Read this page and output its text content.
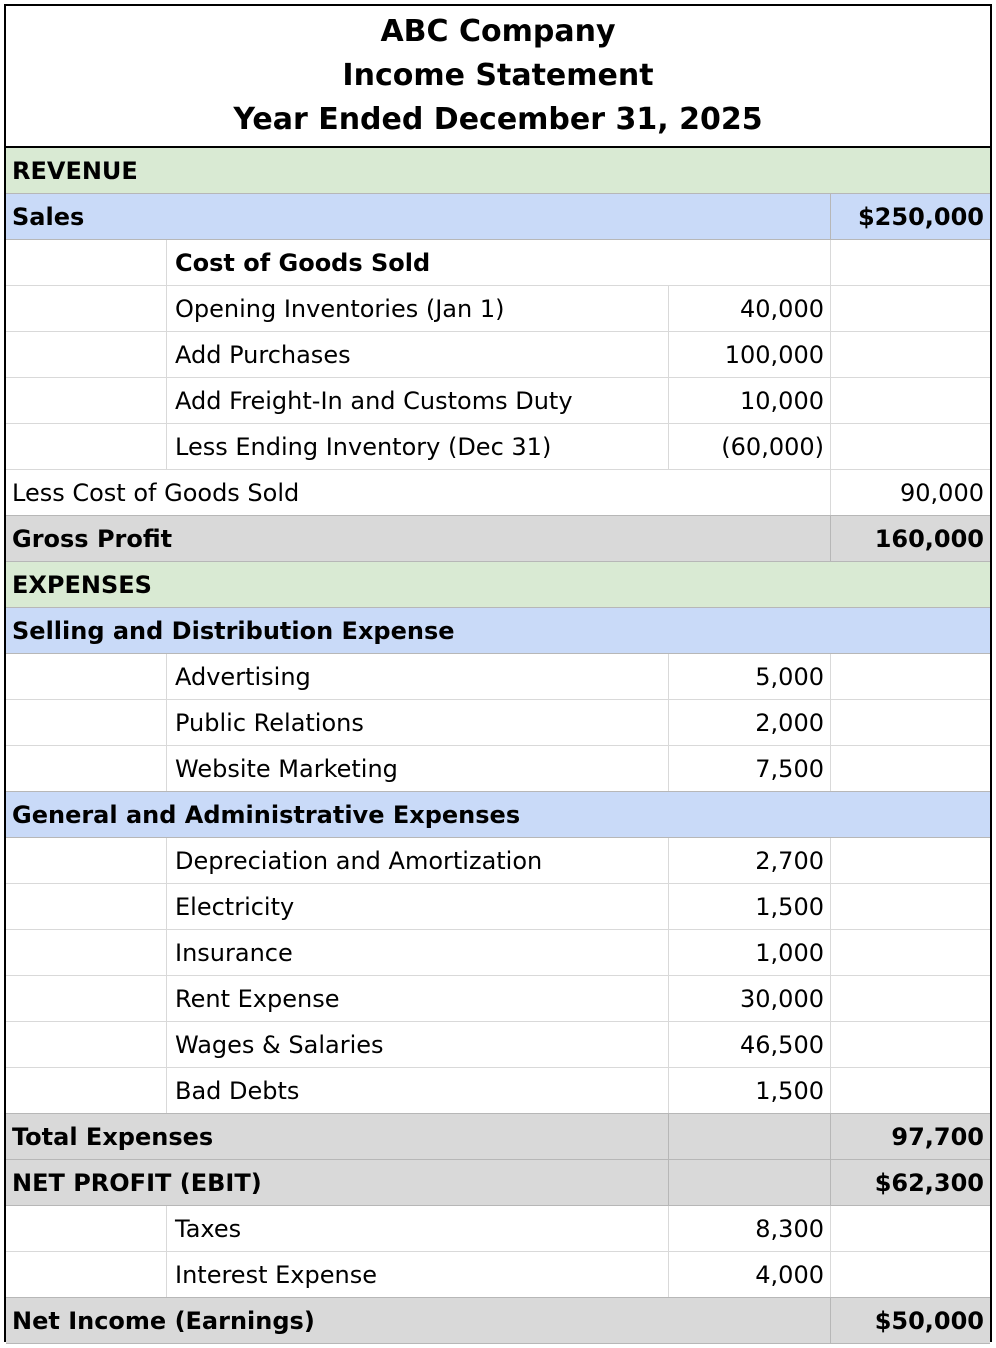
ABC Company
Income Statement
Year Ended December 31, 2025
REVENUE
Sales	$250,000
Cost of Goods Sold
Opening Inventories (Jan 1)	40,000
Add Purchases	100,000
Add Freight-In and Customs Duty	10,000
Less Ending Inventory (Dec 31)	(60,000)
Less Cost of Goods Sold	90,000
Gross Profit	160,000
EXPENSES
Selling and Distribution Expense
Advertising	5,000
Public Relations	2,000
Website Marketing	7,500
General and Administrative Expenses
Depreciation and Amortization	2,700
Electricity	1,500
Insurance	1,000
Rent Expense	30,000
Wages & Salaries	46,500
Bad Debts	1,500
Total Expenses	97,700
NET PROFIT (EBIT)	$62,300
Taxes	8,300
Interest Expense	4,000
Net Income (Earnings)	$50,000
